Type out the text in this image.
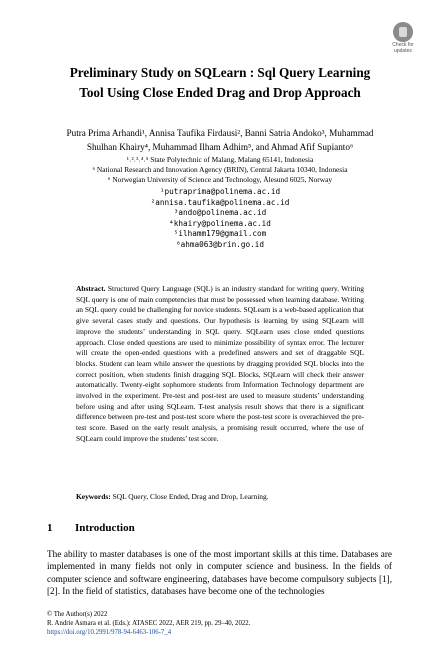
Check for
updates
Preliminary Study on SQLearn : Sql Query Learning
Tool Using Close Ended Drag and Drop Approach
Putra Prima Arhandi¹, Annisa Taufika Firdausi², Banni Satria Andoko³, Muhammad
Shulhan Khairy⁴, Muhammad Ilham Adhim⁵, and Ahmad Afif Supianto⁶
¹˒²˒³˒⁴˒⁵ State Polytechnic of Malang, Malang 65141, Indonesia
⁶ National Research and Innovation Agency (BRIN), Central Jakarta 10340, Indonesia
⁶ Norwegian University of Science and Technology, Ålesund 6025, Norway
¹putraprima@polinema.ac.id
²annisa.taufika@polinema.ac.id
³ando@polinema.ac.id
⁴khairy@polinema.ac.id
⁵ilhamm179@gmail.com
⁶ahma063@brin.go.id
Abstract. Structured Query Language (SQL) is an industry standard for writing query. Writing SQL query is one of main competencies that must be possessed when learning database. Writing an SQL query could be challenging for novice students. SQLearn is a web-based application that give several cases study and questions. Our hypothesis is learning by using SQLearn will improve the students’ understanding in SQL query. SQLearn uses close ended questions approach. Close ended questions are used to minimize possibility of syntax error. The lecturer will create the open-ended questions with a predefined answers and set of draggable SQL blocks. Student can learn while answer the questions by dragging provided SQL blocks into the correct position, when students finish dragging SQL Blocks, SQLearn will check their answer automatically. Twenty-eight sophomore students from Information Technology department are involved in the experiment. Pre-test and post-test are used to measure students’ understanding before using and after using SQLearn. T-test analysis result shows that there is a significant difference between pre-test and post-test score where the post-test score is overachieved the pre-test score. Based on the early result analysis, a promising result occurred, where the use of SQLearn could improve the students’ test score.
Keywords: SQL Query, Close Ended, Drag and Drop, Learning.
1 Introduction
The ability to master databases is one of the most important skills at this time. Databases are implemented in many fields not only in computer science and business. In the fields of computer science and software engineering, databases have become compulsory subjects [1], [2]. In the field of statistics, databases have become one of the technologies
© The Author(s) 2022
R. Andrie Asmara et al. (Eds.): ATASEC 2022, AER 219, pp. 29–40, 2022.
https://doi.org/10.2991/978-94-6463-106-7_4
